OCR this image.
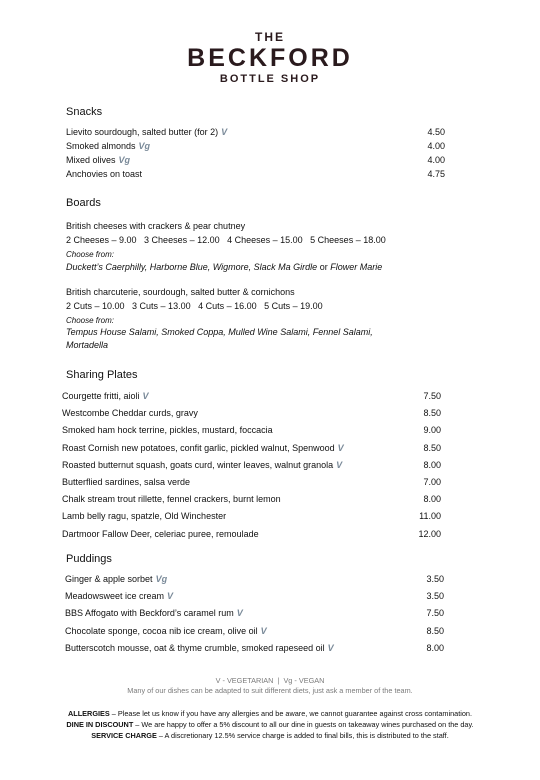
THE
BECKFORD
BOTTLE SHOP
Snacks
Lievito sourdough, salted butter (for 2) V	4.50
Smoked almonds Vg	4.00
Mixed olives Vg	4.00
Anchovies on toast	4.75
Boards
British cheeses with crackers & pear chutney
2 Cheeses – 9.00   3 Cheeses – 12.00   4 Cheeses – 15.00   5 Cheeses – 18.00
Choose from:
Duckett’s Caerphilly, Harborne Blue, Wigmore, Slack Ma Girdle or Flower Marie
British charcuterie, sourdough, salted butter & cornichons
2 Cuts – 10.00   3 Cuts – 13.00   4 Cuts – 16.00   5 Cuts – 19.00
Choose from:
Tempus House Salami, Smoked Coppa, Mulled Wine Salami, Fennel Salami,
Mortadella
Sharing Plates
Courgette fritti, aioli V	7.50
Westcombe Cheddar curds, gravy	8.50
Smoked ham hock terrine, pickles, mustard, foccacia	9.00
Roast Cornish new potatoes, confit garlic, pickled walnut, Spenwood V	8.50
Roasted butternut squash, goats curd, winter leaves, walnut granola V	8.00
Butterflied sardines, salsa verde	7.00
Chalk stream trout rillette, fennel crackers, burnt lemon	8.00
Lamb belly ragu, spatzle, Old Winchester	11.00
Dartmoor Fallow Deer, celeriac puree, remoulade	12.00
Puddings
Ginger & apple sorbet Vg	3.50
Meadowsweet ice cream V	3.50
BBS Affogato with Beckford’s caramel rum V	7.50
Chocolate sponge, cocoa nib ice cream, olive oil V	8.50
Butterscotch mousse, oat & thyme crumble, smoked rapeseed oil V	8.00
V - VEGETARIAN  |  Vg - VEGAN
Many of our dishes can be adapted to suit different diets, just ask a member of the team.
ALLERGIES – Please let us know if you have any allergies and be aware, we cannot guarantee against cross contamination.
DINE IN DISCOUNT – We are happy to offer a 5% discount to all our dine in guests on takeaway wines purchased on the day.
SERVICE CHARGE – A discretionary 12.5% service charge is added to final bills, this is distributed to the staff.
